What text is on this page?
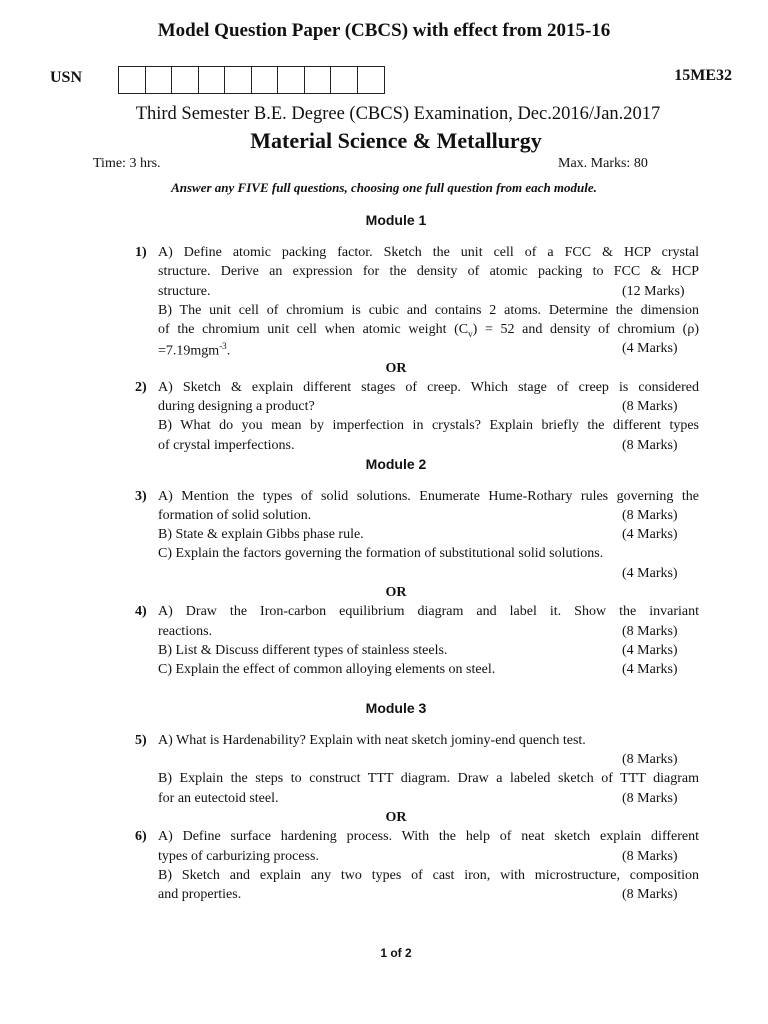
Model Question Paper (CBCS) with effect from 2015-16
USN	15ME32
Third Semester B.E. Degree (CBCS) Examination, Dec.2016/Jan.2017
Material Science & Metallurgy
Time: 3 hrs.	Max. Marks: 80
Answer any FIVE full questions, choosing one full question from each module.
Module 1
1) A) Define atomic packing factor. Sketch the unit cell of a FCC & HCP crystal
structure. Derive an expression for the density of atomic packing to FCC & HCP
structure.	(12 Marks)
B) The unit cell of chromium is cubic and contains 2 atoms. Determine the dimension
of the chromium unit cell when atomic weight $(C_v) = 52$ and density of chromium (ρ)
=7.19mgm$^{-3}$.	(4 Marks)
OR
2) A) Sketch & explain different stages of creep. Which stage of creep is considered
during designing a product?	(8 Marks)
B) What do you mean by imperfection in crystals? Explain briefly the different types
of crystal imperfections.	(8 Marks)
Module 2
3) A) Mention the types of solid solutions. Enumerate Hume-Rothary rules governing the
formation of solid solution.	(8 Marks)
B) State & explain Gibbs phase rule.	(4 Marks)
C) Explain the factors governing the formation of substitutional solid solutions.
(4 Marks)
OR
4) A) Draw the Iron-carbon equilibrium diagram and label it. Show the invariant
reactions.	(8 Marks)
B) List & Discuss different types of stainless steels.	(4 Marks)
C) Explain the effect of common alloying elements on steel.	(4 Marks)
Module 3
5) A) What is Hardenability? Explain with neat sketch jominy-end quench test.
(8 Marks)
B) Explain the steps to construct TTT diagram. Draw a labeled sketch of TTT diagram
for an eutectoid steel.	(8 Marks)
OR
6) A) Define surface hardening process. With the help of neat sketch explain different
types of carburizing process.	(8 Marks)
B) Sketch and explain any two types of cast iron, with microstructure, composition
and properties.	(8 Marks)
1 of 2
